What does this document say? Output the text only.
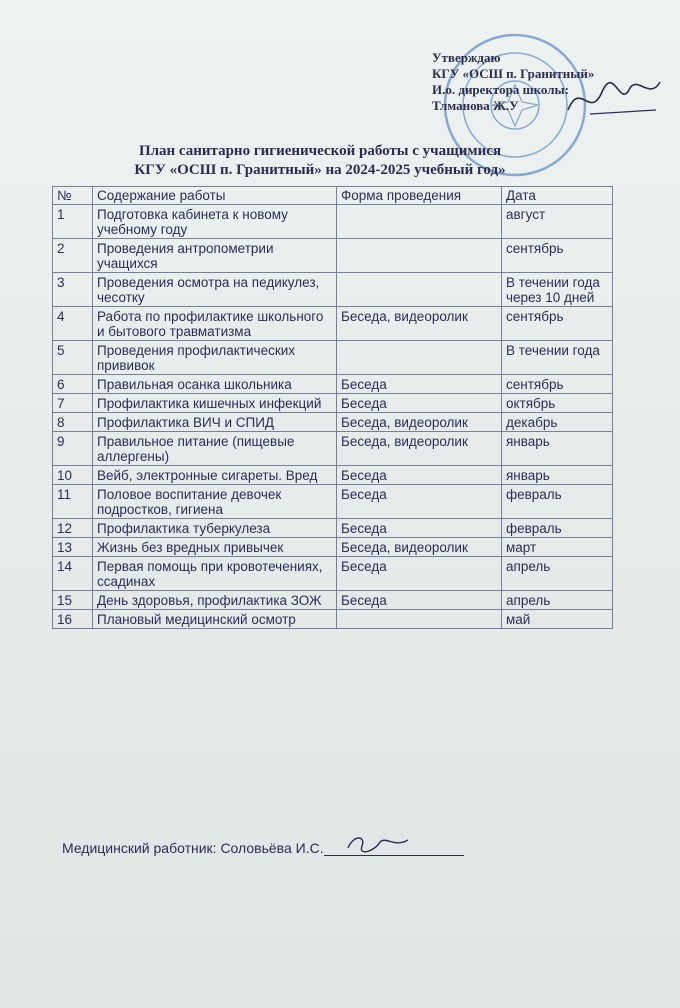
Утверждаю
КГУ «ОСШ п. Гранитный»
И.о. директора школы:
Тлманова Ж.У
План санитарно гигиенической работы с учащимися
КГУ «ОСШ п. Гранитный» на 2024-2025 учебный год»
№	Содержание работы	Форма проведения	Дата
1	Подготовка кабинета к новому учебному году		август
2	Проведения антропометрии учащихся		сентябрь
3	Проведения осмотра на педикулез, чесотку		В течении года через 10 дней
4	Работа по профилактике школьного и бытового травматизма	Беседа, видеоролик	сентябрь
5	Проведения профилактических прививок		В течении года
6	Правильная осанка школьника	Беседа	сентябрь
7	Профилактика кишечных инфекций	Беседа	октябрь
8	Профилактика ВИЧ и СПИД	Беседа, видеоролик	декабрь
9	Правильное питание (пищевые аллергены)	Беседа, видеоролик	январь
10	Вейб, электронные сигареты. Вред	Беседа	январь
11	Половое воспитание девочек подростков, гигиена	Беседа	февраль
12	Профилактика туберкулеза	Беседа	февраль
13	Жизнь без вредных привычек	Беседа, видеоролик	март
14	Первая помощь при кровотечениях, ссадинах	Беседа	апрель
15	День здоровья, профилактика ЗОЖ	Беседа	апрель
16	Плановый медицинский осмотр		май
Медицинский работник: Соловьёва И.С.
